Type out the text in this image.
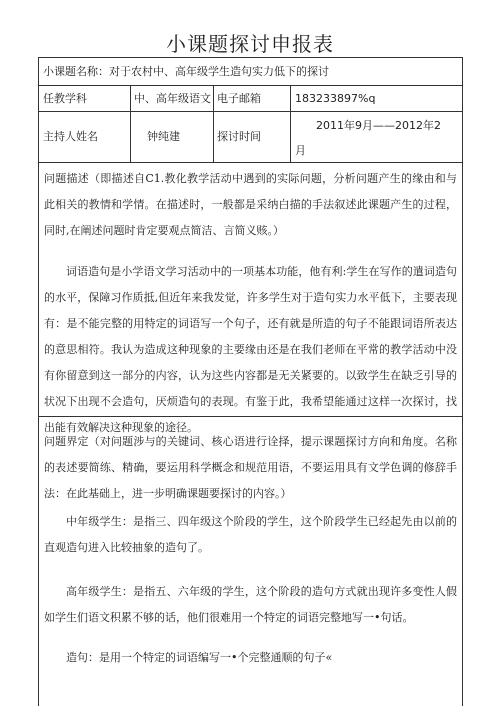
小课题探讨申报表
小课题名称：对于农村中、高年级学生造句实力低下的探讨
任教学科	中、高年级语文 电子邮箱	183233897%q
主持人姓名	钟纯建	探讨时间
2011年9月——2012年2
月
问题描述（即描述自C1.教化教学活动中遇到的实际问题，分析问题产生的缘由和与此相关的教情和学情。在描述时，一般都是采纳白描的手法叙述此课题产生的过程，同时,在阐述问题时肯定要观点简洁、言简义赅。）
词语造句是小学语文学习活动中的一项基本功能，他有利:学生在写作的遣词造句的水平，保障习作质抵,但近年来我发觉，许多学生对于造句实力水平低下，主要表现有：是不能完整的用特定的词语写一个句子，还有就是所造的句子不能跟词语所表达的意思相符。我认为造成这种现象的主要缘由还是在我们老师在平常的教学活动中没有你留意到这一部分的内容，认为这些内容都是无关紧要的。以致学生在缺乏引导的状况下出现不会造句，厌烦造句的表现。有鉴于此，我希望能通过这样一次探讨，找出能有效解决这种现象的途径。
问题界定（对问题涉与的关键词、核心语进行诠择，提示课题探讨方向和角度。名称的表述要简练、精确，要运用科学概念和规范用语，不要运用具有文学色调的修辞手法：在此基础上，进一步明确课题要探讨的内容。）
中年级学生：是指三、四年级这个阶段的学生，这个阶段学生已经起先由以前的直观造句进入比较抽象的造句了。
高年级学生：是指五、六年级的学生，这个阶段的造句方式就出现许多变性人假如学生们语文积累不够的话，他们很难用一个特定的词语完整地写一•句话。
造句：是用一个特定的词语编写一•个完整通顺的句子«
